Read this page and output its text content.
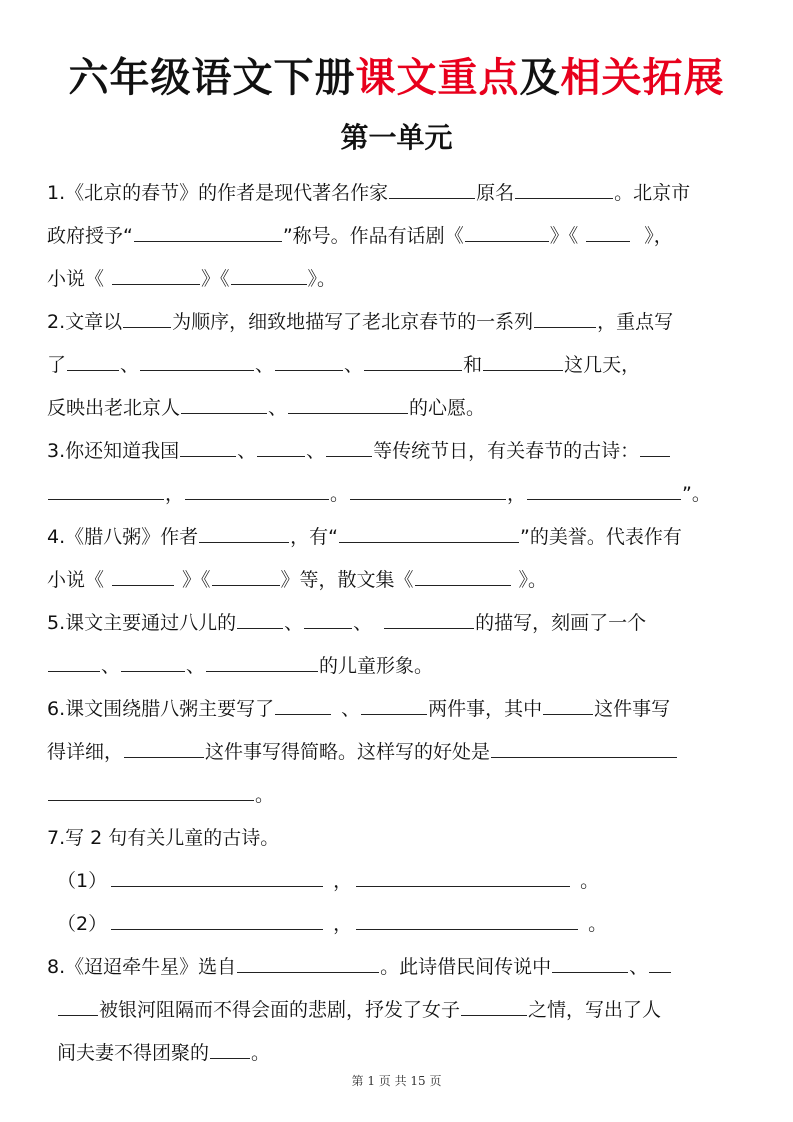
六年级语文下册课文重点及相关拓展
第一单元

1.《北京的春节》的作者是现代著名作家	原名	。北京市

政府授予“	”称号。作品有话剧《	》《	》，

小说《	》《	》。

2.文章以	为顺序，细致地描写了老北京春节的一系列	，重点写

了	、	、	、	和	这几天，

反映出老北京人	、	的心愿。

3.你还知道我国	、	、	等传统节日，有关春节的古诗：

，	。	，	”。

4.《腊八粥》作者	，有“	”的美誉。代表作有

小说《	》《	》等，散文集《	》。

5.课文主要通过八儿的	、	、	的描写，刻画了一个

、	、	的儿童形象。

6.课文围绕腊八粥主要写了	、	两件事，其中	这件事写

得详细，	这件事写得简略。这样写的好处是

。

7.写 2 句有关儿童的古诗。

（1）	，	。

（2）	，	。

8.《迢迢牵牛星》选自	。此诗借民间传说中	、

被银河阻隔而不得会面的悲剧，抒发了女子	之情，写出了人

间夫妻不得团聚的 。

第 1 页 共 15 页
